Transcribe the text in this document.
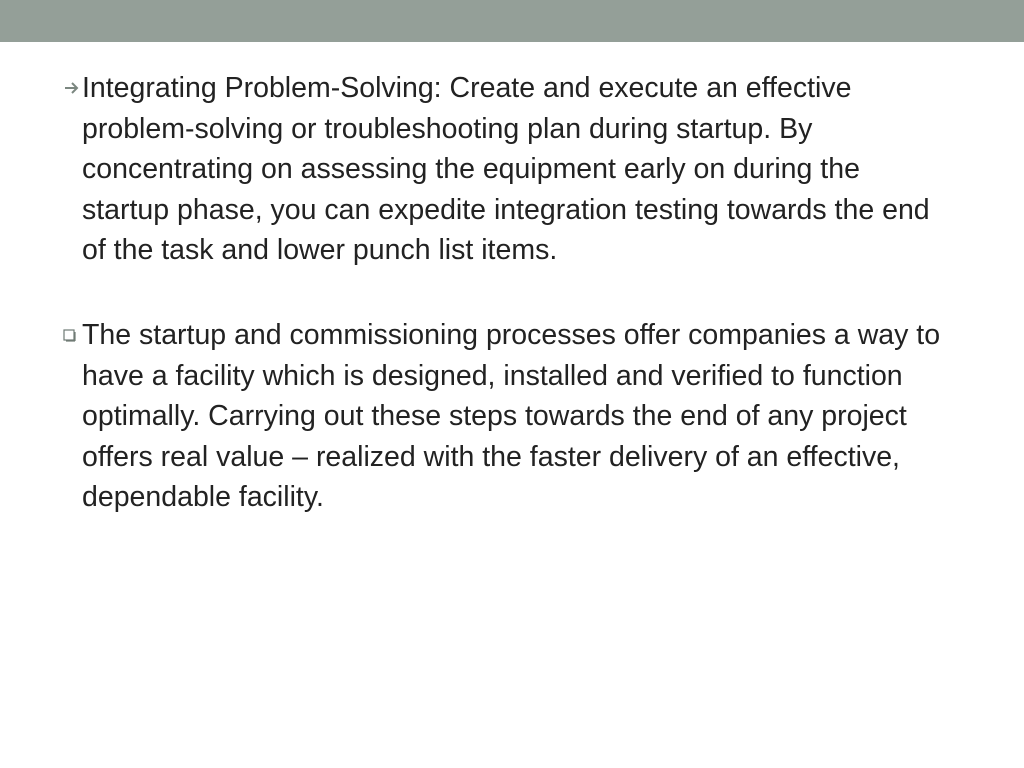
Integrating Problem-Solving: Create and execute an effective problem-solving or troubleshooting plan during startup. By concentrating on assessing the equipment early on during the startup phase, you can expedite integration testing towards the end of the task and lower punch list items.

The startup and commissioning processes offer companies a way to have a facility which is designed, installed and verified to function optimally. Carrying out these steps towards the end of any project offers real value – realized with the faster delivery of an effective, dependable facility.
